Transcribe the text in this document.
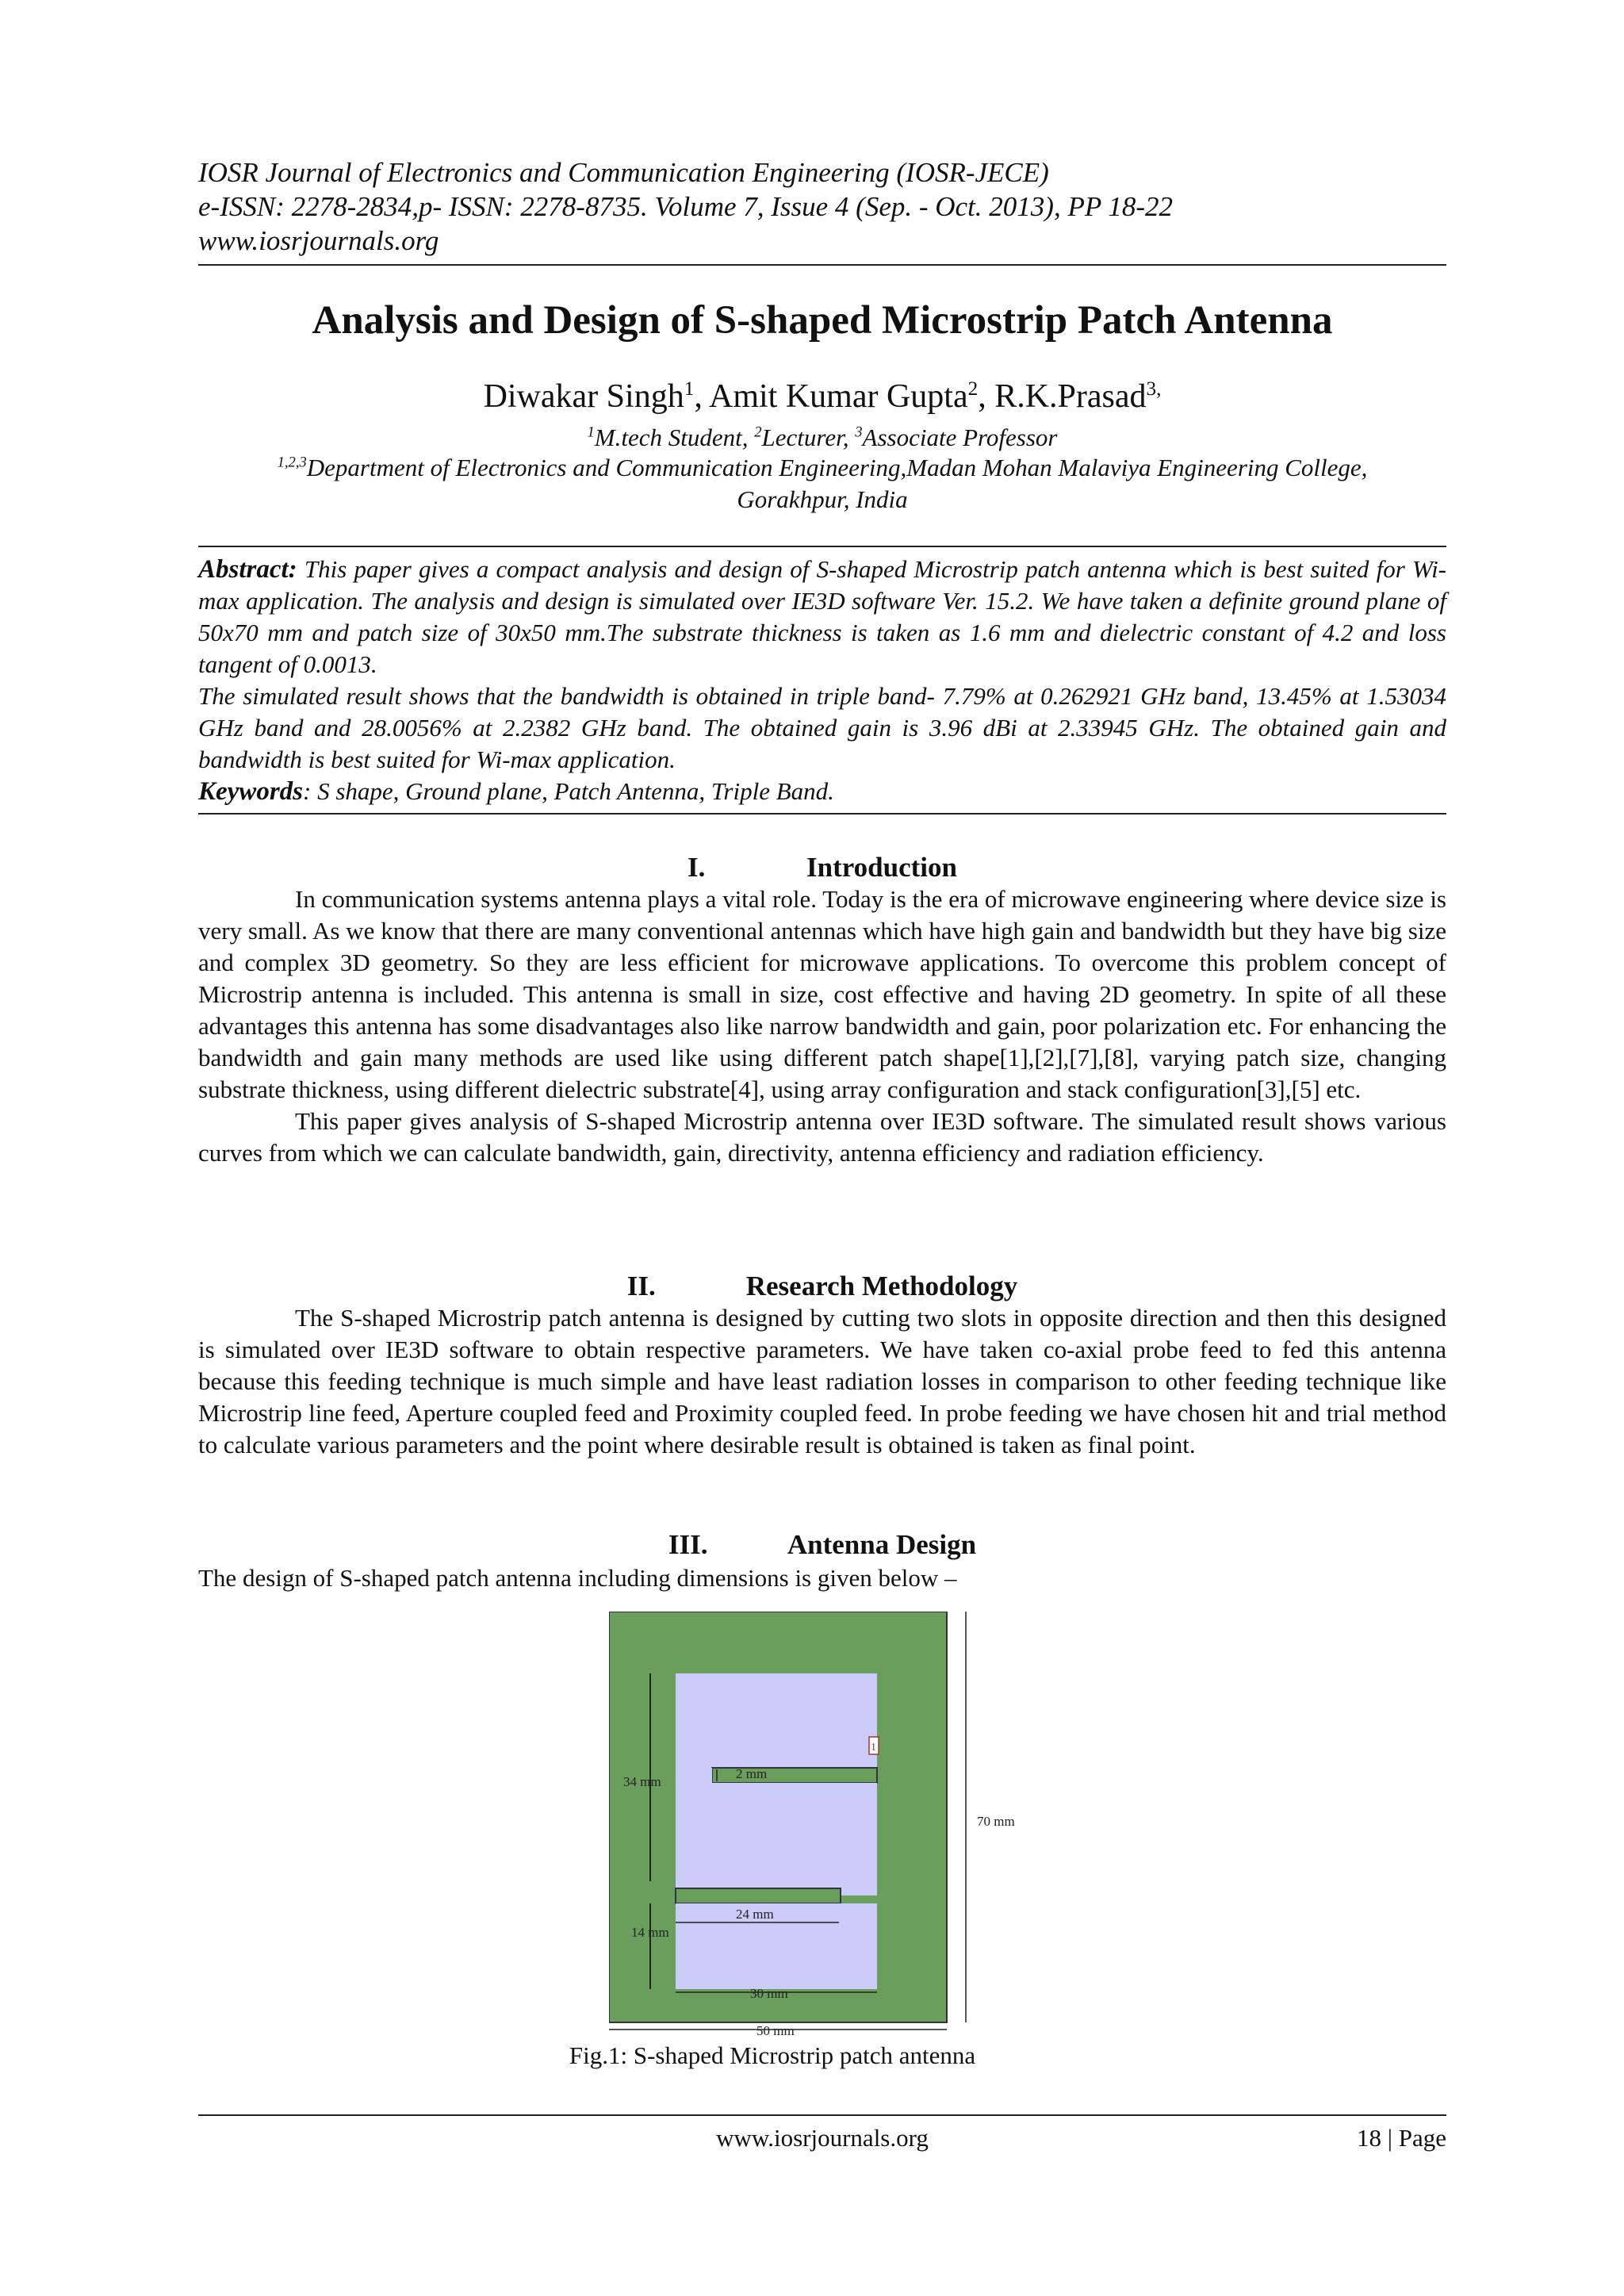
IOSR Journal of Electronics and Communication Engineering (IOSR-JECE)
e-ISSN: 2278-2834,p- ISSN: 2278-8735. Volume 7, Issue 4 (Sep. - Oct. 2013), PP 18-22
www.iosrjournals.org
Analysis and Design of S-shaped Microstrip Patch Antenna
Diwakar Singh$^1$, Amit Kumar Gupta$^2$, R.K.Prasad$^{3,}$
$^1$M.tech Student, $^2$Lecturer, $^3$Associate Professor
$^{1,2,3}$Department of Electronics and Communication Engineering,Madan Mohan Malaviya Engineering College,
Gorakhpur, India

Abstract: This paper gives a compact analysis and design of S-shaped Microstrip patch antenna which is best suited for Wi-max application. The analysis and design is simulated over IE3D software Ver. 15.2. We have taken a definite ground plane of 50x70 mm and patch size of 30x50 mm.The substrate thickness is taken as 1.6 mm and dielectric constant of 4.2 and loss tangent of 0.0013.

The simulated result shows that the bandwidth is obtained in triple band- 7.79% at 0.262921 GHz band, 13.45% at 1.53034 GHz band and 28.0056% at 2.2382 GHz band. The obtained gain is 3.96 dBi at 2.33945 GHz. The obtained gain and bandwidth is best suited for Wi-max application.

Keywords: S shape, Ground plane, Patch Antenna, Triple Band.

I.	Introduction

In communication systems antenna plays a vital role. Today is the era of microwave engineering where device size is very small. As we know that there are many conventional antennas which have high gain and bandwidth but they have big size and complex 3D geometry. So they are less efficient for microwave applications. To overcome this problem concept of Microstrip antenna is included. This antenna is small in size, cost effective and having 2D geometry. In spite of all these advantages this antenna has some disadvantages also like narrow bandwidth and gain, poor polarization etc. For enhancing the bandwidth and gain many methods are used like using different patch shape[1],[2],[7],[8], varying patch size, changing substrate thickness, using different dielectric substrate[4], using array configuration and stack configuration[3],[5] etc.

This paper gives analysis of S-shaped Microstrip antenna over IE3D software. The simulated result shows various curves from which we can calculate bandwidth, gain, directivity, antenna efficiency and radiation efficiency.

II.	Research Methodology

The S-shaped Microstrip patch antenna is designed by cutting two slots in opposite direction and then this designed is simulated over IE3D software to obtain respective parameters. We have taken co-axial probe feed to fed this antenna because this feeding technique is much simple and have least radiation losses in comparison to other feeding technique like Microstrip line feed, Aperture coupled feed and Proximity coupled feed. In probe feeding we have chosen hit and trial method to calculate various parameters and the point where desirable result is obtained is taken as final point.

III.	Antenna Design
The design of S-shaped patch antenna including dimensions is given below –
www.iosrjournals.org	18 | Page
1
34 mm
14 mm
2 mm
24 mm
30 mm
50 mm
70 mm
Fig.1: S-shaped Microstrip patch antenna
